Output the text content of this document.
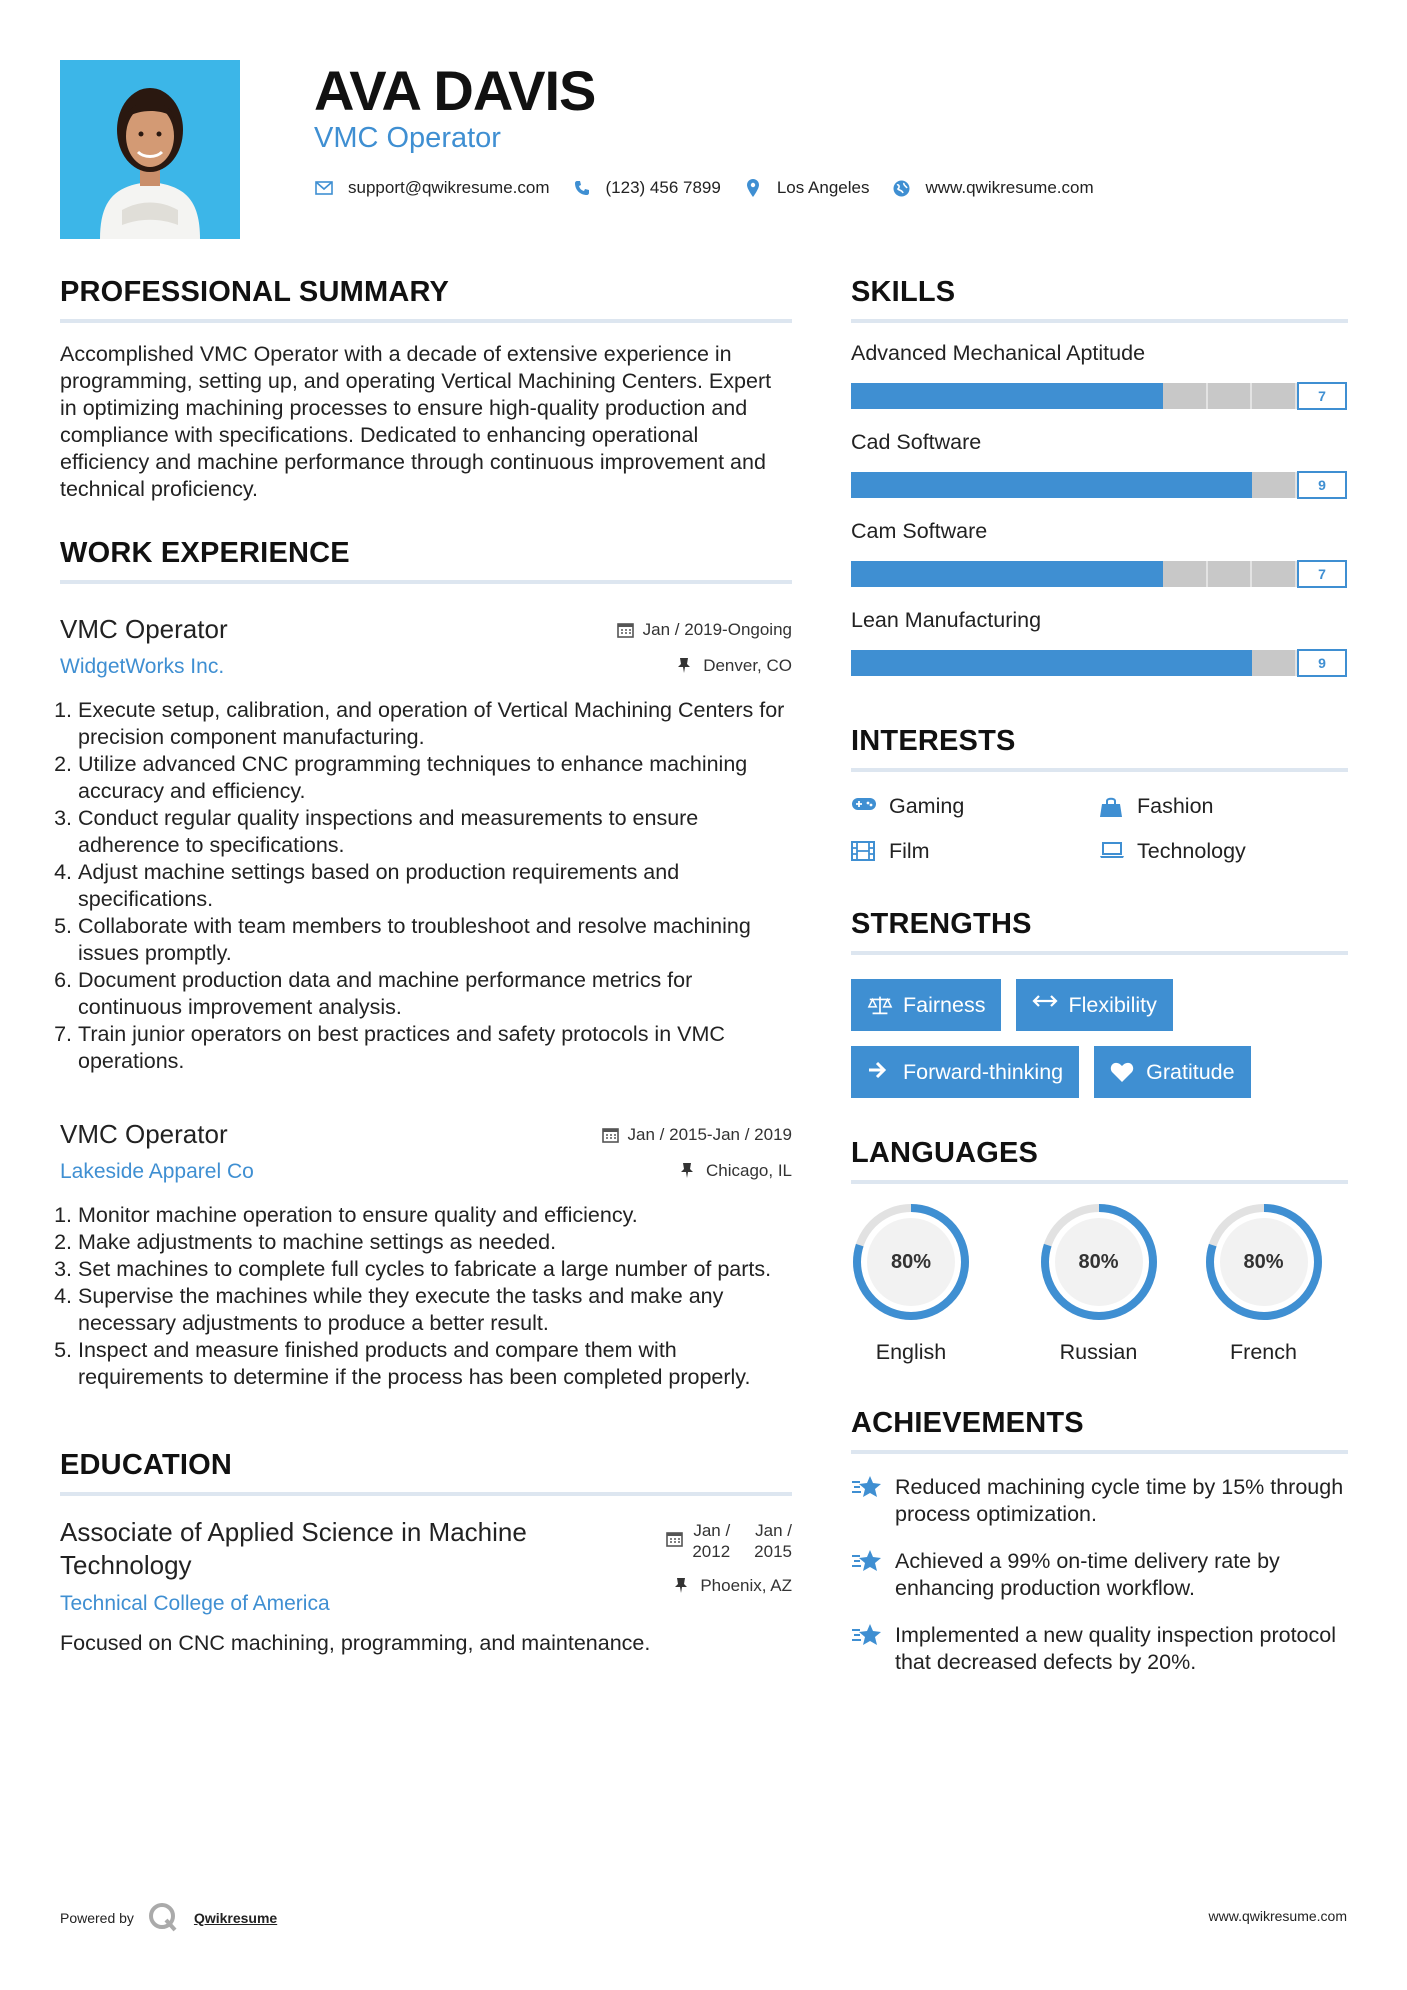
AVA DAVIS
VMC Operator
support@qwikresume.com	(123) 456 7899	Los Angeles	www.qwikresume.com
PROFESSIONAL SUMMARY

Accomplished VMC Operator with a decade of extensive experience in programming, setting up, and operating Vertical Machining Centers. Expert in optimizing machining processes to ensure high-quality production and compliance with specifications. Dedicated to enhancing operational efficiency and machine performance through continuous improvement and technical proficiency.

WORK EXPERIENCE
VMC Operator
WidgetWorks Inc.
Jan / 2019-Ongoing
Denver, CO
1. Execute setup, calibration, and operation of Vertical Machining Centers for precision component manufacturing.
2. Utilize advanced CNC programming techniques to enhance machining accuracy and efficiency.
3. Conduct regular quality inspections and measurements to ensure adherence to specifications.
4. Adjust machine settings based on production requirements and specifications.
5. Collaborate with team members to troubleshoot and resolve machining issues promptly.
6. Document production data and machine performance metrics for continuous improvement analysis.
7. Train junior operators on best practices and safety protocols in VMC operations.
VMC Operator
Lakeside Apparel Co
Jan / 2015-Jan / 2019
Chicago, IL
1. Monitor machine operation to ensure quality and efficiency.
2. Make adjustments to machine settings as needed.
3. Set machines to complete full cycles to fabricate a large number of parts.
4. Supervise the machines while they execute the tasks and make any necessary adjustments to produce a better result.
5. Inspect and measure finished products and compare them with requirements to determine if the process has been completed properly.
EDUCATION
Associate of Applied Science in Machine Technology
Technical College of America
Jan /
2012
Jan /
2015
Phoenix, AZ

Focused on CNC machining, programming, and maintenance.

SKILLS
Advanced Mechanical Aptitude
7
Cad Software
9
Cam Software
7
Lean Manufacturing
9
INTERESTS
Gaming	Fashion
Film	Technology
STRENGTHS
Fairness	Flexibility
Forward-thinking	Gratitude
LANGUAGES
80%
English
80%
Russian
80%
French
ACHIEVEMENTS
Reduced machining cycle time by 15% through process optimization.
Achieved a 99% on-time delivery rate by enhancing production workflow.
Implemented a new quality inspection protocol that decreased defects by 20%.
Powered by	Qwikresume	www.qwikresume.com
